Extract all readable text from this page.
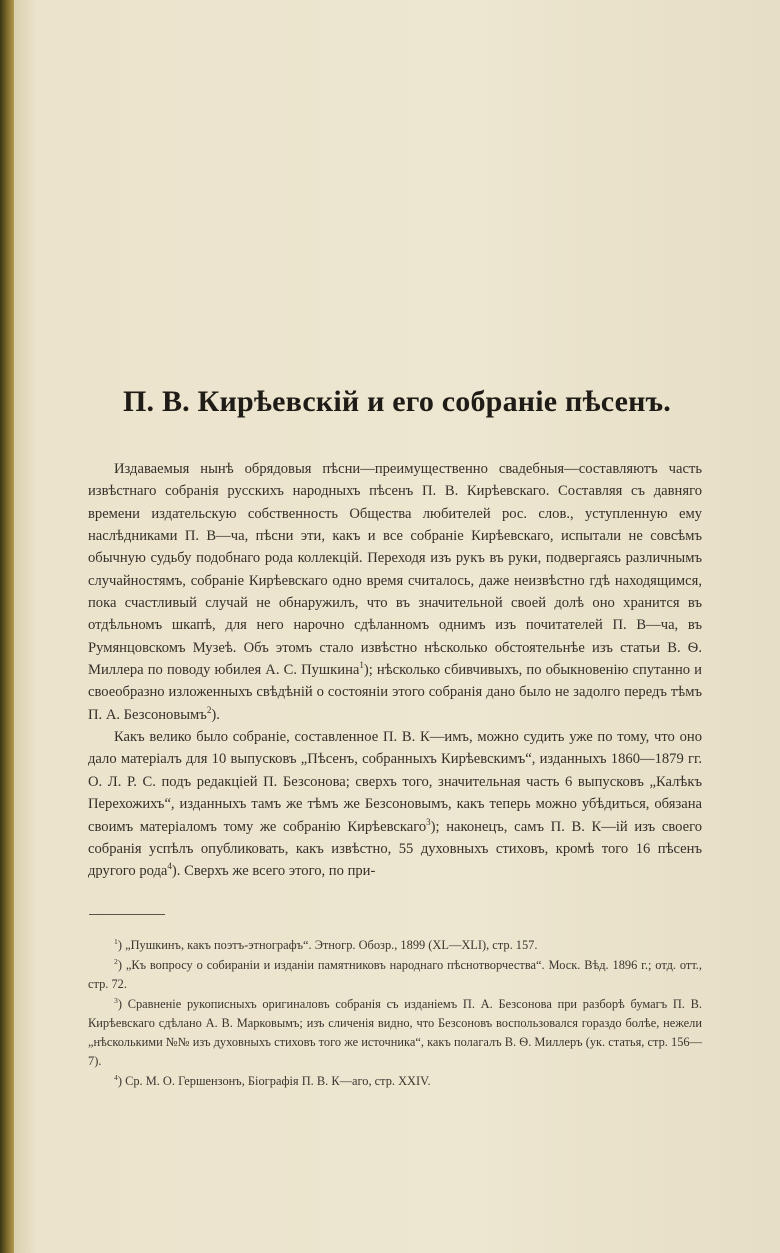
П. В. Кирѣевскій и его собраніе пѣсенъ.

Издаваемыя нынѣ обрядовыя пѣсни—преимущественно свадебныя—составляютъ часть извѣстнаго собранія русскихъ народныхъ пѣсенъ П. В. Кирѣевскаго. Составляя съ давняго времени издательскую собственность Общества любителей рос. слов., уступленную ему наслѣдниками П. В—ча, пѣсни эти, какъ и все собраніе Кирѣевскаго, испытали не совсѣмъ обычную судьбу подобнаго рода коллекцій. Переходя изъ рукъ въ руки, подвергаясь различнымъ случайностямъ, собраніе Кирѣевскаго одно время считалось, даже неизвѣстно гдѣ находящимся, пока счастливый случай не обнаружилъ, что въ значительной своей долѣ оно хранится въ отдѣльномъ шкапѣ, для него нарочно сдѣланномъ однимъ изъ почитателей П. В—ча, въ Румянцовскомъ Музеѣ. Объ этомъ стало извѣстно нѣсколько обстоятельнѣе изъ статьи В. Ѳ. Миллера по поводу юбилея А. С. Пушкина$^1$); нѣсколько сбивчивыхъ, по обыкновенію спутанно и своеобразно изложенныхъ свѣдѣній о состояніи этого собранія дано было не задолго передъ тѣмъ П. А. Безсоновымъ$^2$).

Какъ велико было собраніе, составленное П. В. К—имъ, можно судить уже по тому, что оно дало матеріалъ для 10 выпусковъ „Пѣсенъ, собранныхъ Кирѣевскимъ“, изданныхъ 1860—1879 гг. О. Л. Р. С. подъ редакціей П. Безсонова; сверхъ того, значительная часть 6 выпусковъ „Калѣкъ Перехожихъ“, изданныхъ тамъ же тѣмъ же Безсоновымъ, какъ теперь можно убѣдиться, обязана своимъ матеріаломъ тому же собранію Кирѣевскаго$^3$); наконецъ, самъ П. В. К—ій изъ своего собранія успѣлъ опубликовать, какъ извѣстно, 55 духовныхъ стиховъ, кромѣ того 16 пѣсенъ другого рода$^4$). Сверхъ же всего этого, по при-

$^1$) „Пушкинъ, какъ поэтъ-этнографъ“. Этногр. Обозр., 1899 (XL—XLI), стр. 157.

$^2$) „Къ вопросу о собираніи и изданіи памятниковъ народнаго пѣснотворчества“. Моск. Вѣд. 1896 г.; отд. отт., стр. 72.

$^3$) Сравненіе рукописныхъ оригиналовъ собранія съ изданіемъ П. А. Безсонова при разборѣ бумагъ П. В. Кирѣевскаго сдѣлано А. В. Марковымъ; изъ сличенія видно, что Безсоновъ воспользовался гораздо болѣе, нежели „нѣсколькими №№ изъ духовныхъ стиховъ того же источника“, какъ полагалъ В. Ѳ. Миллеръ (ук. статья, стр. 156—7).

$^4$) Ср. М. О. Гершензонъ, Біографія П. В. К—аго, стр. XXIV.
